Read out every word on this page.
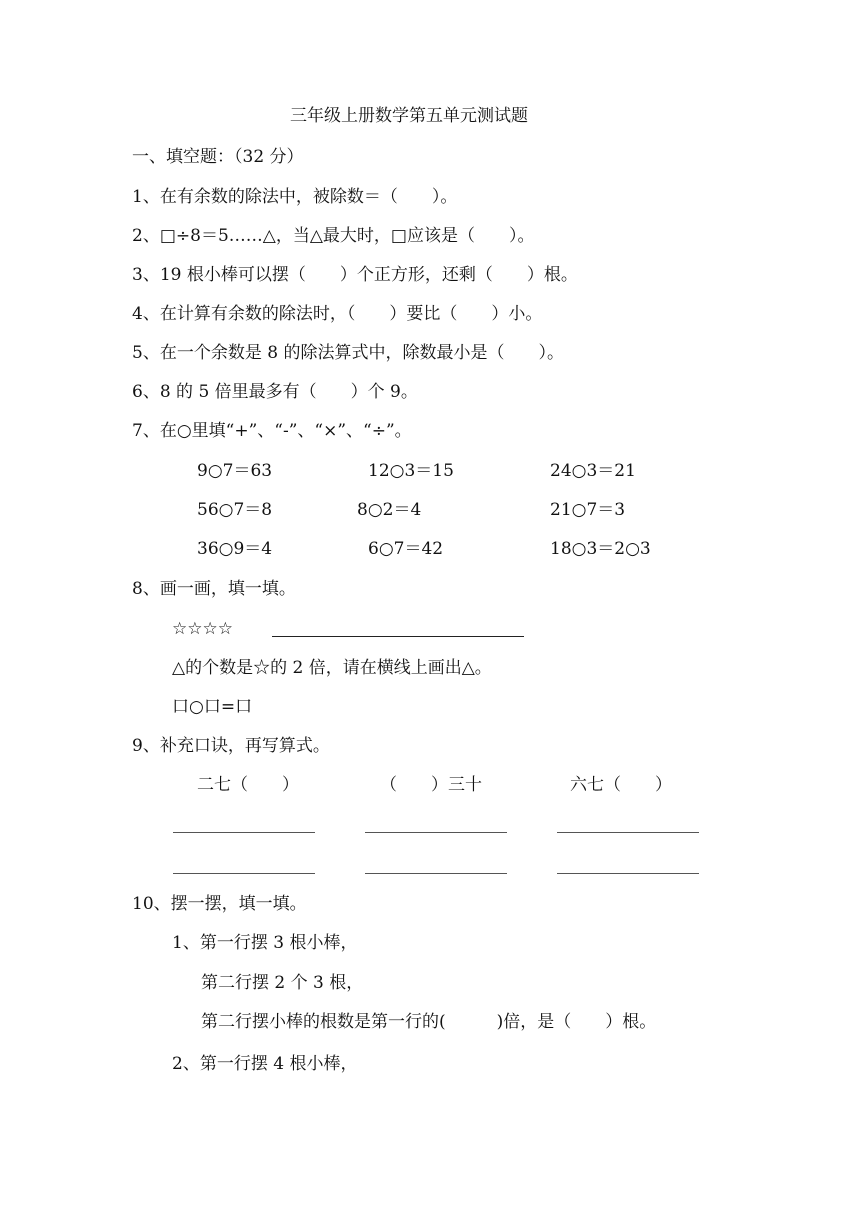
三年级上册数学第五单元测试题
一、填空题：（32 分）
1、在有余数的除法中，被除数＝（　　）。
2、□÷8＝5……△，当△最大时，□应该是（　　）。
3、19 根小棒可以摆（　　）个正方形，还剩（　　）根。
4、在计算有余数的除法时，（　　）要比（　　）小。
5、在一个余数是 8 的除法算式中，除数最小是（　　）。
6、8 的 5 倍里最多有（　　）个 9。
7、在○里填“+”、“-”、“×”、“÷”。
9○7＝63	12○3＝15	24○3＝21
56○7＝8	8○2＝4	21○7＝3
36○9＝4	6○7＝42	18○3＝2○3
8、画一画，填一填。
☆☆☆☆
△的个数是☆的 2 倍，请在横线上画出△。
口○口=口
9、补充口诀，再写算式。
二七（　　）	（　　）三十	六七（　　）
10、摆一摆，填一填。
1、第一行摆 3 根小棒，
第二行摆 2 个 3 根，
第二行摆小棒的根数是第一行的(　　　)倍，是（　　）根。
2、第一行摆 4 根小棒，
